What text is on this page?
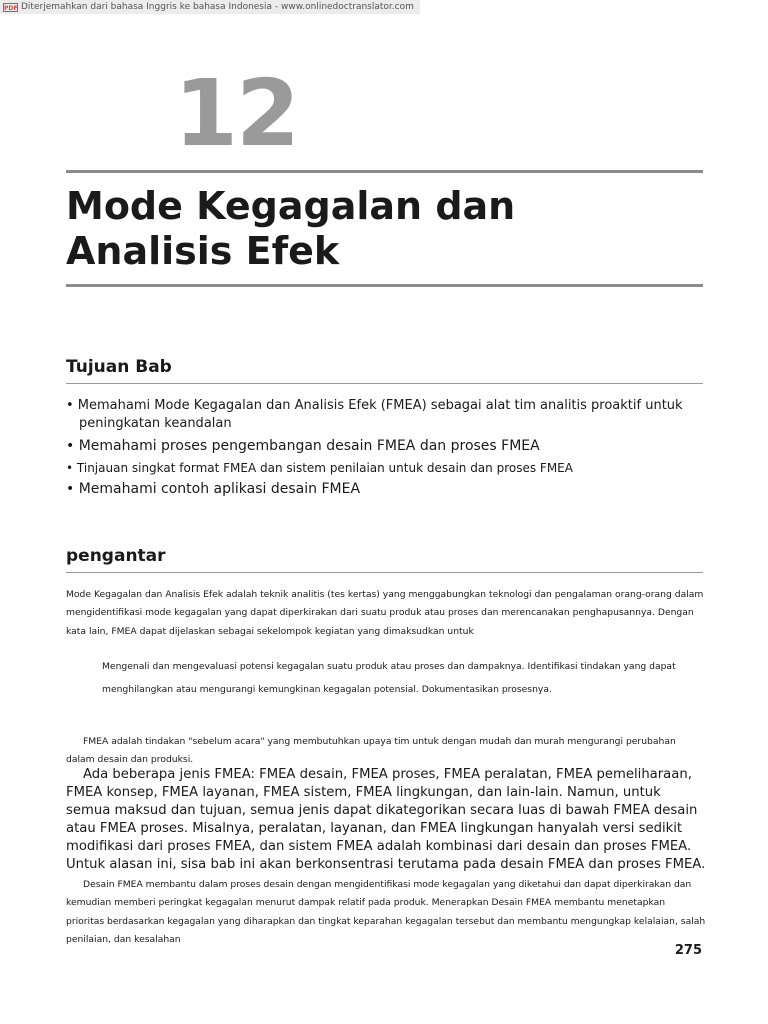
PDF Diterjemahkan dari bahasa Inggris ke bahasa Indonesia - www.onlinedoctranslator.com
12
Mode Kegagalan dan
Analisis Efek
Tujuan Bab
• Memahami Mode Kegagalan dan Analisis Efek (FMEA) sebagai alat tim analitis proaktif untuk
peningkatan keandalan
• Memahami proses pengembangan desain FMEA dan proses FMEA
• Tinjauan singkat format FMEA dan sistem penilaian untuk desain dan proses FMEA
• Memahami contoh aplikasi desain FMEA
pengantar

Mode Kegagalan dan Analisis Efek adalah teknik analitis (tes kertas) yang menggabungkan teknologi dan pengalaman orang-orang dalam mengidentifikasi mode kegagalan yang dapat diperkirakan dari suatu produk atau proses dan merencanakan penghapusannya. Dengan kata lain, FMEA dapat dijelaskan sebagai sekelompok kegiatan yang dimaksudkan untuk

Mengenali dan mengevaluasi potensi kegagalan suatu produk atau proses dan dampaknya. Identifikasi tindakan yang dapat menghilangkan atau mengurangi kemungkinan kegagalan potensial. Dokumentasikan prosesnya.

FMEA adalah tindakan "sebelum acara" yang membutuhkan upaya tim untuk dengan mudah dan murah mengurangi perubahan dalam desain dan produksi.

Ada beberapa jenis FMEA: FMEA desain, FMEA proses, FMEA peralatan, FMEA pemeliharaan, FMEA konsep, FMEA layanan, FMEA sistem, FMEA lingkungan, dan lain-lain. Namun, untuk semua maksud dan tujuan, semua jenis dapat dikategorikan secara luas di bawah FMEA desain atau FMEA proses. Misalnya, peralatan, layanan, dan FMEA lingkungan hanyalah versi sedikit modifikasi dari proses FMEA, dan sistem FMEA adalah kombinasi dari desain dan proses FMEA. Untuk alasan ini, sisa bab ini akan berkonsentrasi terutama pada desain FMEA dan proses FMEA.

Desain FMEA membantu dalam proses desain dengan mengidentifikasi mode kegagalan yang diketahui dan dapat diperkirakan dan kemudian memberi peringkat kegagalan menurut dampak relatif pada produk. Menerapkan Desain FMEA membantu menetapkan prioritas berdasarkan kegagalan yang diharapkan dan tingkat keparahan kegagalan tersebut dan membantu mengungkap kelalaian, salah penilaian, dan kesalahan

275
